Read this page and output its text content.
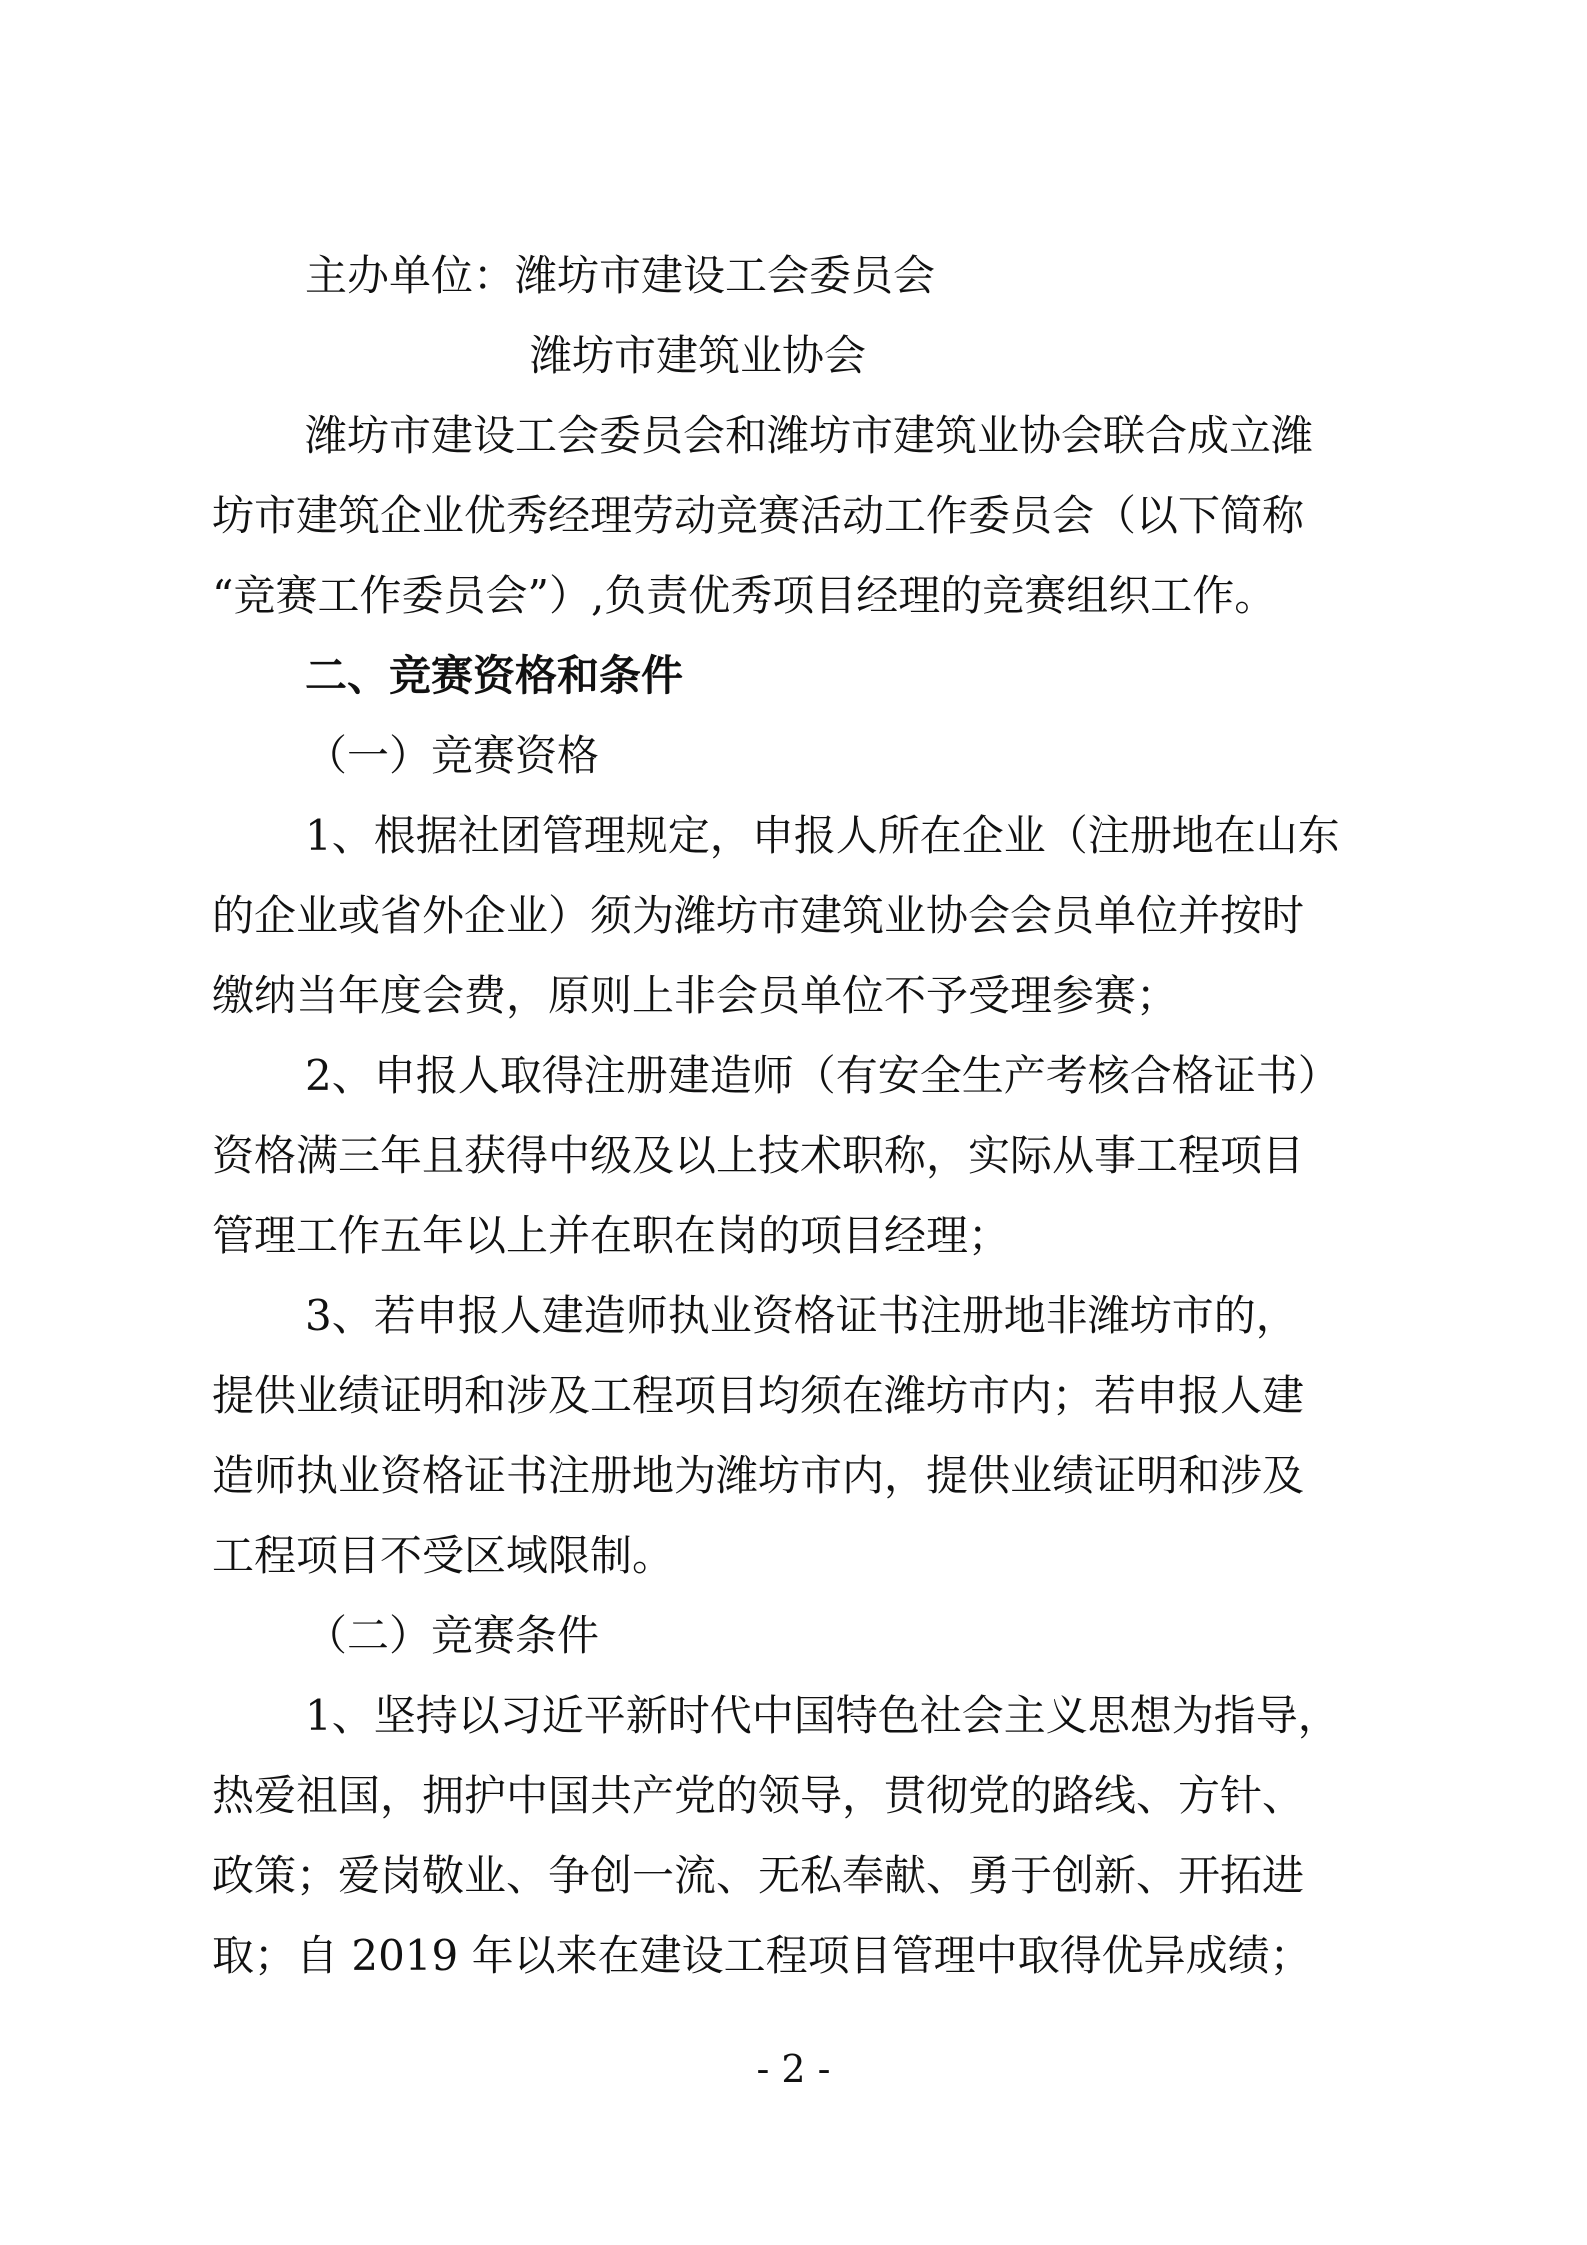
主办单位：潍坊市建设工会委员会
潍坊市建筑业协会
潍坊市建设工会委员会和潍坊市建筑业协会联合成立潍
坊市建筑企业优秀经理劳动竞赛活动工作委员会（以下简称
“竞赛工作委员会”）,负责优秀项目经理的竞赛组织工作。
二、竞赛资格和条件
（一）竞赛资格
1、根据社团管理规定，申报人所在企业（注册地在山东
的企业或省外企业）须为潍坊市建筑业协会会员单位并按时
缴纳当年度会费，原则上非会员单位不予受理参赛；
2、申报人取得注册建造师（有安全生产考核合格证书）
资格满三年且获得中级及以上技术职称，实际从事工程项目
管理工作五年以上并在职在岗的项目经理；
3、若申报人建造师执业资格证书注册地非潍坊市的，
提供业绩证明和涉及工程项目均须在潍坊市内；若申报人建
造师执业资格证书注册地为潍坊市内，提供业绩证明和涉及
工程项目不受区域限制。
（二）竞赛条件
1、坚持以习近平新时代中国特色社会主义思想为指导，
热爱祖国，拥护中国共产党的领导，贯彻党的路线、方针、
政策；爱岗敬业、争创一流、无私奉献、勇于创新、开拓进
取；自 2019 年以来在建设工程项目管理中取得优异成绩；
- 2 -
